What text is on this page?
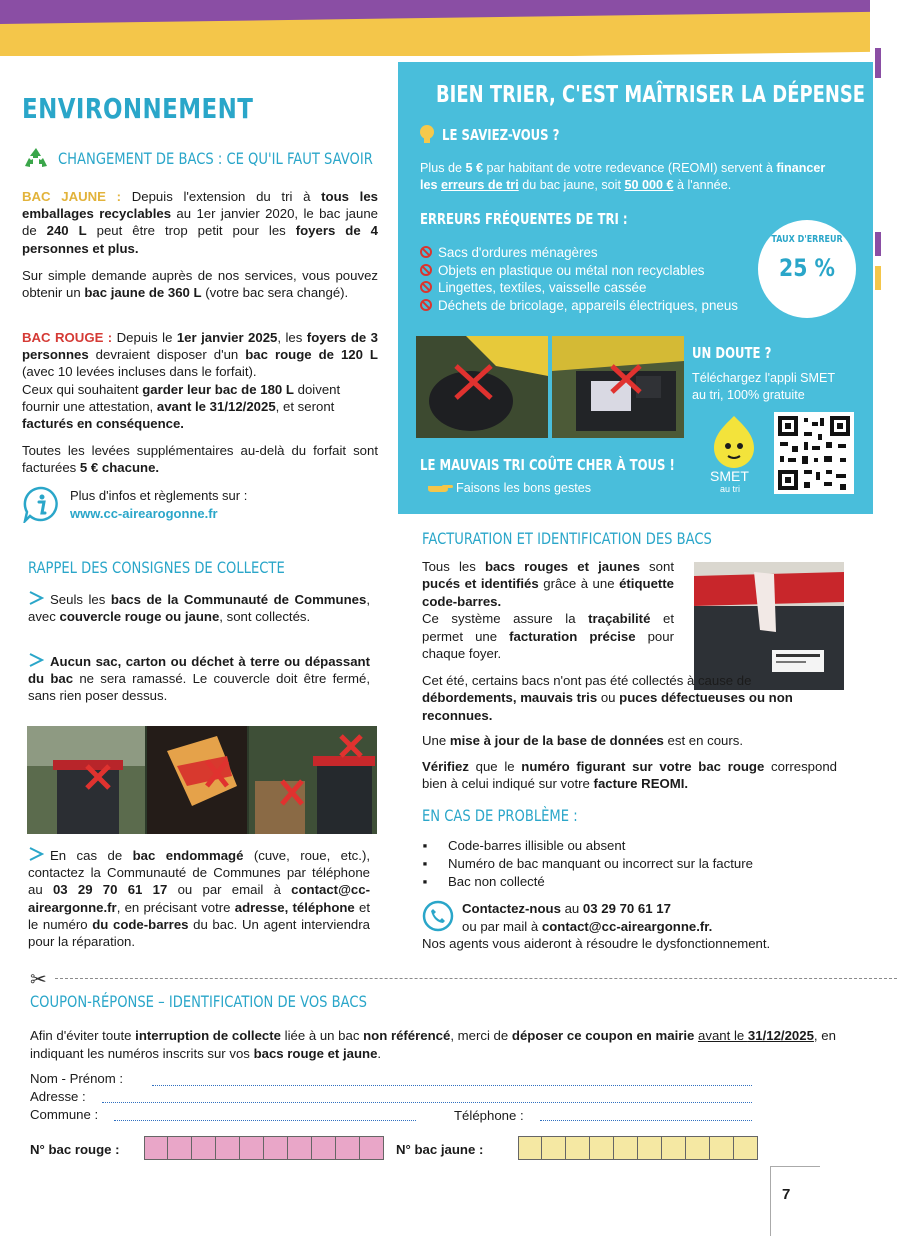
ENVIRONNEMENT
CHANGEMENT DE BACS : CE QU'IL FAUT SAVOIR

BAC JAUNE : Depuis l'extension du tri à tous les emballages recyclables au 1er janvier 2020, le bac jaune de 240 L peut être trop petit pour les foyers de 4 personnes et plus.

Sur simple demande auprès de nos services, vous pouvez obtenir un bac jaune de 360 L (votre bac sera changé).

BAC ROUGE : Depuis le 1er janvier 2025, les foyers de 3 personnes devraient disposer d'un bac rouge de 120 L (avec 10 levées incluses dans le forfait).

Ceux qui souhaitent garder leur bac de 180 L doivent fournir une attestation, avant le 31/12/2025, et seront facturés en conséquence.

Toutes les levées supplémentaires au-delà du forfait sont facturées 5 € chacune.

Plus d'infos et règlements sur :
www.cc-airearogonne.fr
RAPPEL DES CONSIGNES DE COLLECTE

Seuls les bacs de la Communauté de Communes, avec couvercle rouge ou jaune, sont collectés.

Aucun sac, carton ou déchet à terre ou dépassant du bac ne sera ramassé. Le couvercle doit être fermé, sans rien poser dessus.

En cas de bac endommagé (cuve, roue, etc.), contactez la Communauté de Communes par téléphone au 03 29 70 61 17 ou par email à contact@cc-aireargonne.fr, en précisant votre adresse, téléphone et le numéro du code-barres du bac. Un agent interviendra pour la réparation.

BIEN TRIER, C'EST MAÎTRISER LA DÉPENSE !
LE SAVIEZ-VOUS ?
Plus de 5 € par habitant de votre redevance (REOMI) servent à financer les erreurs de tri du bac jaune, soit 50 000 € à l'année.
ERREURS FRÉQUENTES DE TRI :
Sacs d'ordures ménagères
Objets en plastique ou métal non recyclables
Lingettes, textiles, vaisselle cassée
Déchets de bricolage, appareils électriques, pneus
TAUX D'ERREUR
25 %
UN DOUTE ?
Téléchargez l'appli SMET au tri, 100% gratuite
SMET
au tri
LE MAUVAIS TRI COÛTE CHER À TOUS !
Faisons les bons gestes
FACTURATION ET IDENTIFICATION DES BACS

Tous les bacs rouges et jaunes sont pucés et identifiés grâce à une étiquette code-barres.

Ce système assure la traçabilité et permet une facturation précise pour chaque foyer.

Cet été, certains bacs n'ont pas été collectés à cause de débordements, mauvais tris ou puces défectueuses ou non reconnues.

Une mise à jour de la base de données est en cours.

Vérifiez que le numéro figurant sur votre bac rouge correspond bien à celui indiqué sur votre facture REOMI.

EN CAS DE PROBLÈME :
▪ Code-barres illisible ou absent
▪ Numéro de bac manquant ou incorrect sur la facture
▪ Bac non collecté
Contactez-nous au 03 29 70 61 17
ou par mail à contact@cc-aireargonne.fr.
Nos agents vous aideront à résoudre le dysfonctionnement.
✂
COUPON-RÉPONSE – IDENTIFICATION DE VOS BACS
Afin d'éviter toute interruption de collecte liée à un bac non référencé, merci de déposer ce coupon en mairie avant le 31/12/2025, en indiquant les numéros inscrits sur vos bacs rouge et jaune.
Nom - Prénom :
Adresse :
Commune :	Téléphone :
N° bac rouge :	N° bac jaune :
7
